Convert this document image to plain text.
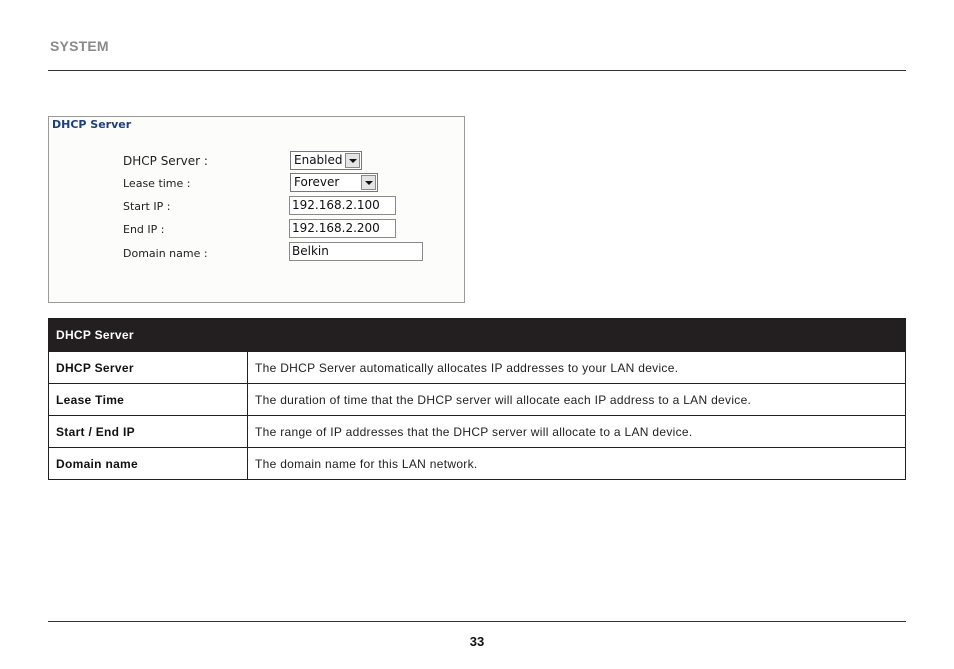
SYSTEM
DHCP Server
DHCP Server :	Enabled
Lease time :	Forever
Start IP :	192.168.2.100
End IP :	192.168.2.200
Domain name :	Belkin
DHCP Server	
DHCP Server	The DHCP Server automatically allocates IP addresses to your LAN device.
Lease Time	The duration of time that the DHCP server will allocate each IP address to a LAN device.
Start / End IP	The range of IP addresses that the DHCP server will allocate to a LAN device.
Domain name	The domain name for this LAN network.
33
